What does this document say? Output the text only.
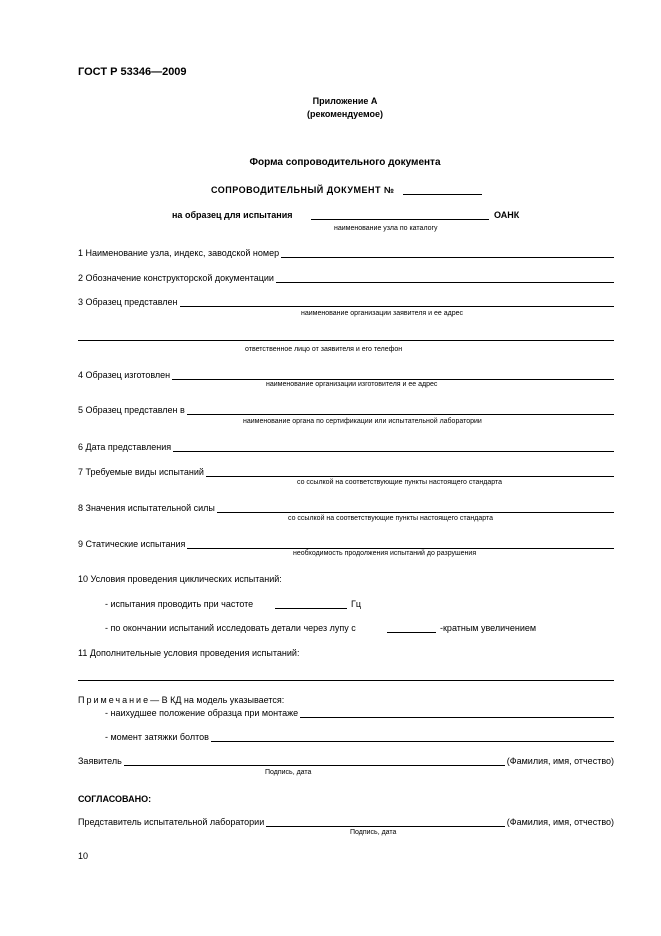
ГОСТ Р 53346—2009
Приложение А
(рекомендуемое)
Форма сопроводительного документа
СОПРОВОДИТЕЛЬНЫЙ ДОКУМЕНТ №
на образец для испытания	ОАНК
наименование узла по каталогу
1 Наименование узла, индекс, заводской номер
2 Обозначение конструкторской документации
3 Образец представлен
наименование организации заявителя и ее адрес
ответственное лицо от заявителя и его телефон
4 Образец изготовлен
наименование организации изготовителя и ее адрес
5 Образец представлен в
наименование органа по сертификации или испытательной лаборатории
6 Дата представления
7 Требуемые виды испытаний
со ссылкой на соответствующие пункты настоящего стандарта
8 Значения испытательной силы
со ссылкой на соответствующие пункты настоящего стандарта
9 Статические испытания
необходимость продолжения испытаний до разрушения
10 Условия проведения циклических испытаний:
- испытания проводить при частоте	Гц
- по окончании испытаний исследовать детали через лупу с	-кратным увеличением
11 Дополнительные условия проведения испытаний:
Примечание— В КД на модель указывается:
- наихудшее положение образца при монтаже
- момент затяжки болтов
Заявитель	(Фамилия, имя, отчество)
Подпись, дата
СОГЛАСОВАНО:
Представитель испытательной лаборатории	(Фамилия, имя, отчество)
Подпись, дата
10
